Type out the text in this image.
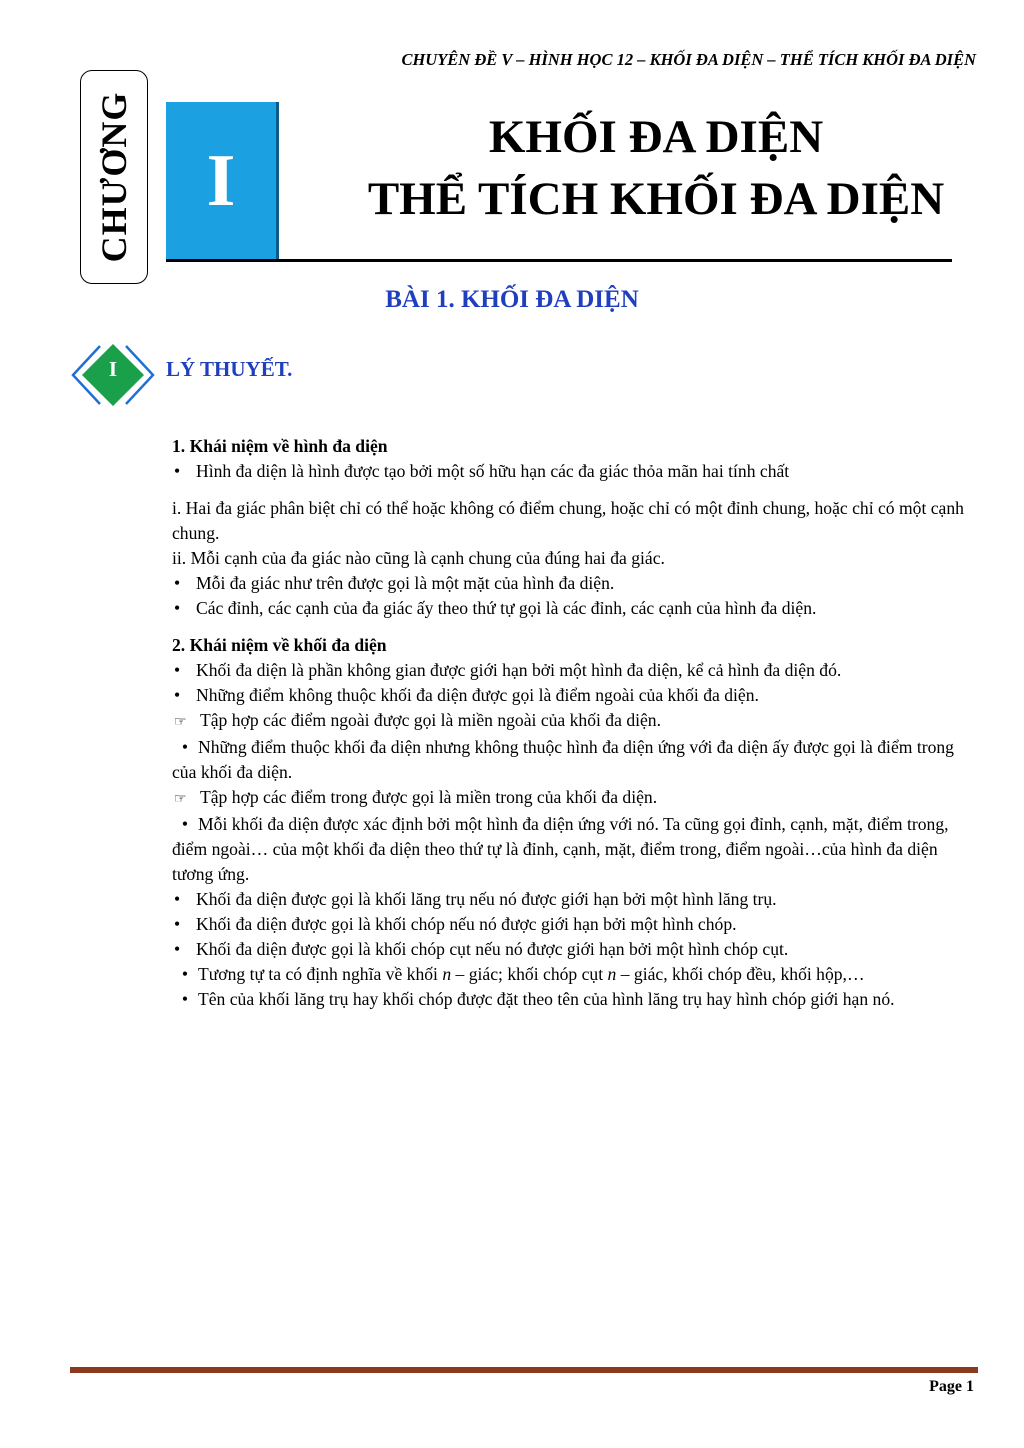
CHUYÊN ĐỀ V – HÌNH HỌC 12 – KHỐI ĐA DIỆN – THỂ TÍCH KHỐI ĐA DIỆN
CHƯƠNG I
KHỐI ĐA DIỆN
THỂ TÍCH KHỐI ĐA DIỆN
BÀI 1. KHỐI ĐA DIỆN
I	LÝ THUYẾT.

1. Khái niệm về hình đa diện

•Hình đa diện là hình được tạo bởi một số hữu hạn các đa giác thỏa mãn hai tính chất

i. Hai đa giác phân biệt chỉ có thể hoặc không có điểm chung, hoặc chỉ có một đỉnh chung, hoặc chỉ có một cạnh chung.

ii. Mỗi cạnh của đa giác nào cũng là cạnh chung của đúng hai đa giác.

•Mỗi đa giác như trên được gọi là một mặt của hình đa diện.

•Các đỉnh, các cạnh của đa giác ấy theo thứ tự gọi là các đỉnh, các cạnh của hình đa diện.

2. Khái niệm về khối đa diện

•Khối đa diện là phần không gian được giới hạn bởi một hình đa diện, kể cả hình đa diện đó.

•Những điểm không thuộc khối đa diện được gọi là điểm ngoài của khối đa diện.

☞ Tập hợp các điểm ngoài được gọi là miền ngoài của khối đa diện.

•Những điểm thuộc khối đa diện nhưng không thuộc hình đa diện ứng với đa diện ấy được gọi là điểm trong của khối đa diện.

☞ Tập hợp các điểm trong được gọi là miền trong của khối đa diện.

•Mỗi khối đa diện được xác định bởi một hình đa diện ứng với nó. Ta cũng gọi đỉnh, cạnh, mặt, điểm trong, điểm ngoài… của một khối đa diện theo thứ tự là đỉnh, cạnh, mặt, điểm trong, điểm ngoài…của hình đa diện tương ứng.

•Khối đa diện được gọi là khối lăng trụ nếu nó được giới hạn bởi một hình lăng trụ.

•Khối đa diện được gọi là khối chóp nếu nó được giới hạn bởi một hình chóp.

•Khối đa diện được gọi là khối chóp cụt nếu nó được giới hạn bởi một hình chóp cụt.

•Tương tự ta có định nghĩa về khối n – giác; khối chóp cụt n – giác, khối chóp đều, khối hộp,…

•Tên của khối lăng trụ hay khối chóp được đặt theo tên của hình lăng trụ hay hình chóp giới hạn nó.

Page 1
